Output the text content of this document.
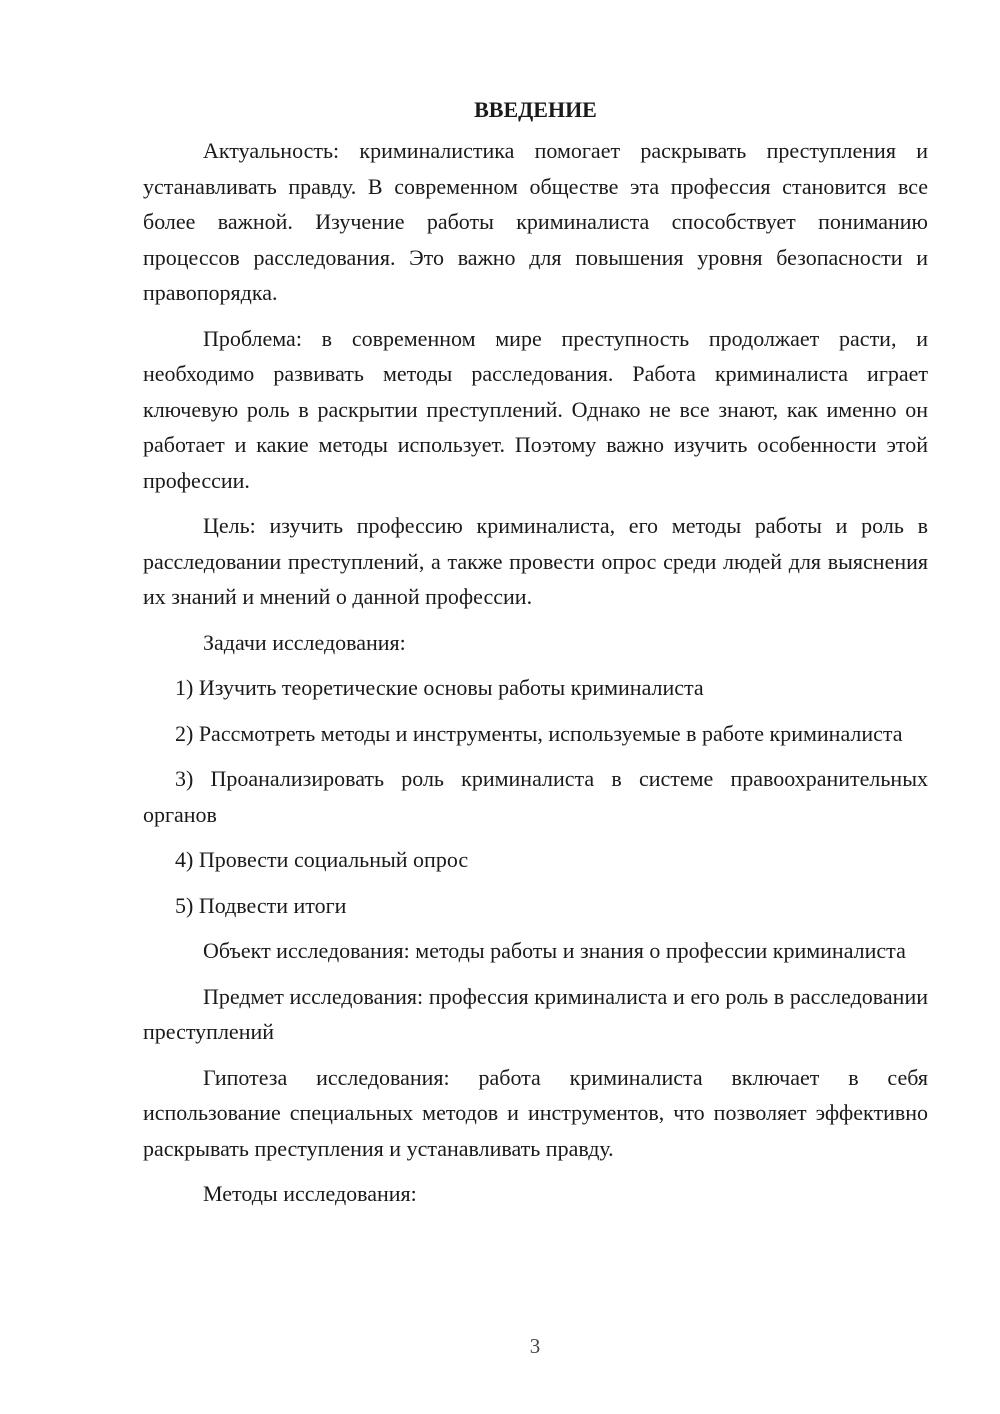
ВВЕДЕНИЕ

Актуальность: криминалистика помогает раскрывать преступления и устанавливать правду. В современном обществе эта профессия становится все более важной. Изучение работы криминалиста способствует пониманию процессов расследования. Это важно для повышения уровня безопасности и правопорядка.

Проблема: в современном мире преступность продолжает расти, и необходимо развивать методы расследования. Работа криминалиста играет ключевую роль в раскрытии преступлений. Однако не все знают, как именно он работает и какие методы использует. Поэтому важно изучить особенности этой профессии.

Цель: изучить профессию криминалиста, его методы работы и роль в расследовании преступлений, а также провести опрос среди людей для выяснения их знаний и мнений о данной профессии.

Задачи исследования:

1) Изучить теоретические основы работы криминалиста

2) Рассмотреть методы и инструменты, используемые в работе криминалиста

3) Проанализировать роль криминалиста в системе правоохранительных органов

4) Провести социальный опрос

5) Подвести итоги

Объект исследования: методы работы и знания о профессии криминалиста

Предмет исследования: профессия криминалиста и его роль в расследовании преступлений

Гипотеза исследования: работа криминалиста включает в себя использование специальных методов и инструментов, что позволяет эффективно раскрывать преступления и устанавливать правду.

Методы исследования:

3
